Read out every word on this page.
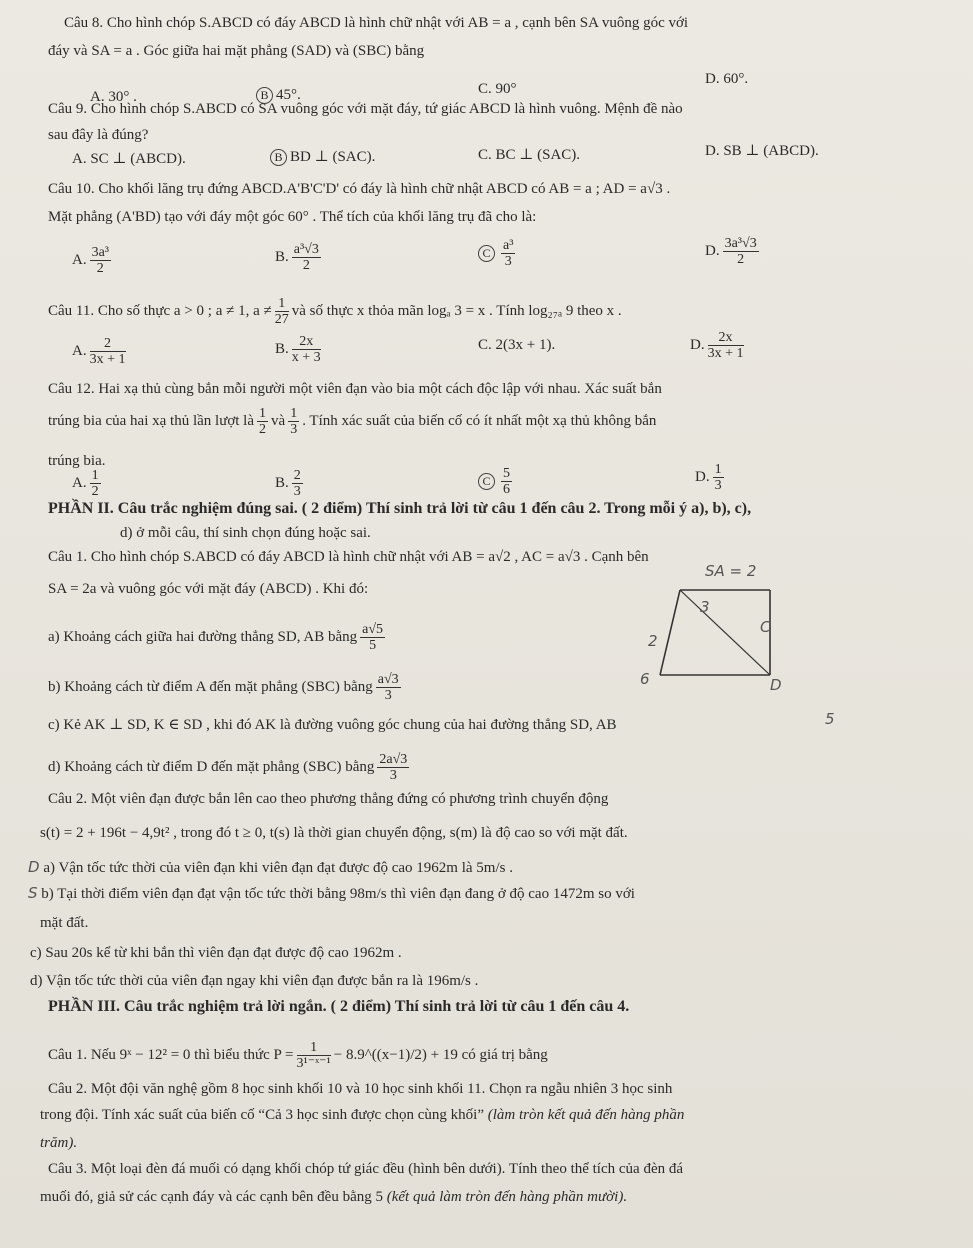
Câu 8. Cho hình chóp S.ABCD có đáy ABCD là hình chữ nhật với AB = a , cạnh bên SA vuông góc với
đáy và SA = a . Góc giữa hai mặt phẳng (SAD) và (SBC) bằng
A. 30° .	B 45°.	C. 90°
D. 60°.
Câu 9. Cho hình chóp S.ABCD có SA vuông góc với mặt đáy, tứ giác ABCD là hình vuông. Mệnh đề nào
sau đây là đúng?
A. SC ⊥ (ABCD).	B BD ⊥ (SAC).	C. BC ⊥ (SAC).	D. SB ⊥ (ABCD).
Câu 10. Cho khối lăng trụ đứng ABCD.A'B'C'D' có đáy là hình chữ nhật ABCD có AB = a ; AD = a√3 .
Mặt phẳng (A'BD) tạo với đáy một góc 60° . Thể tích của khối lăng trụ đã cho là:
A. $\frac{\text{3a³}}{2}$	B. $\frac{\text{a³√3}}{2}$	C $\frac{\text{a³}}{3}$	D. $\frac{\text{3a³√3}}{2}$
Câu 11. Cho số thực a > 0 ; a ≠ 1, $a \ne \frac{1}{27}$ và số thực x thỏa mãn logₐ 3 = x . Tính log₂₇ₐ 9 theo x .
A. $\frac{2}{3x + 1}$	B. $\frac{2x}{x + 3}$	C. 2(3x + 1).	D. $\frac{2x}{3x + 1}$
Câu 12. Hai xạ thủ cùng bắn mỗi người một viên đạn vào bia một cách độc lập với nhau. Xác suất bắn
trúng bia của hai xạ thủ lần lượt là $\frac{1}{2}$ và $\frac{1}{3}$ . Tính xác suất của biến cố có ít nhất một xạ thủ không bắn
trúng bia.
A. $\frac{1}{2}$	B. $\frac{2}{3}$	C $\frac{5}{6}$	D. $\frac{1}{3}$
PHẦN II. Câu trắc nghiệm đúng sai. ( 2 điểm) Thí sinh trả lời từ câu 1 đến câu 2. Trong mỗi ý a), b), c),
d) ở mỗi câu, thí sinh chọn đúng hoặc sai.
Câu 1. Cho hình chóp S.ABCD có đáy ABCD là hình chữ nhật với AB = a√2 , AC = a√3 . Cạnh bên
SA = 2a và vuông góc với mặt đáy (ABCD) . Khi đó:
a) Khoảng cách giữa hai đường thẳng SD, AB bằng $\frac{a√5}{5}$
b) Khoảng cách từ điểm A đến mặt phẳng (SBC) bằng $\frac{a√3}{3}$
c) Kẻ AK ⊥ SD, K ∈ SD , khi đó AK là đường vuông góc chung của hai đường thẳng SD, AB
d) Khoảng cách từ điểm D đến mặt phẳng (SBC) bằng $\frac{2a√3}{3}$
SA = 2
3
2
6
C
D
5
Câu 2. Một viên đạn được bắn lên cao theo phương thẳng đứng có phương trình chuyển động
s(t) = 2 + 196t − 4,9t² , trong đó t ≥ 0, t(s) là thời gian chuyển động, s(m) là độ cao so với mặt đất.
D a) Vận tốc tức thời của viên đạn khi viên đạn đạt được độ cao 1962m là 5m/s .
S b) Tại thời điểm viên đạn đạt vận tốc tức thời bằng 98m/s thì viên đạn đang ở độ cao 1472m so với
mặt đất.
c) Sau 20s kể từ khi bắn thì viên đạn đạt được độ cao 1962m .
d) Vận tốc tức thời của viên đạn ngay khi viên đạn được bắn ra là 196m/s .
PHẦN III. Câu trắc nghiệm trả lời ngắn. ( 2 điểm) Thí sinh trả lời từ câu 1 đến câu 4.
Câu 1. Nếu 9ˣ − 12² = 0 thì biểu thức $P = \frac{1}{\text{3¹⁻ˣ⁻¹}}$ − 8.9^((x−1)/2) + 19 có giá trị bằng
Câu 2. Một đội văn nghệ gồm 8 học sinh khối 10 và 10 học sinh khối 11. Chọn ra ngẫu nhiên 3 học sinh
trong đội. Tính xác suất của biến cố “Cả 3 học sinh được chọn cùng khối” (làm tròn kết quả đến hàng phần
trăm).
Câu 3. Một loại đèn đá muối có dạng khối chóp tứ giác đều (hình bên dưới). Tính theo thể tích của đèn đá
muối đó, giả sử các cạnh đáy và các cạnh bên đều bằng 5 (kết quả làm tròn đến hàng phần mười).
